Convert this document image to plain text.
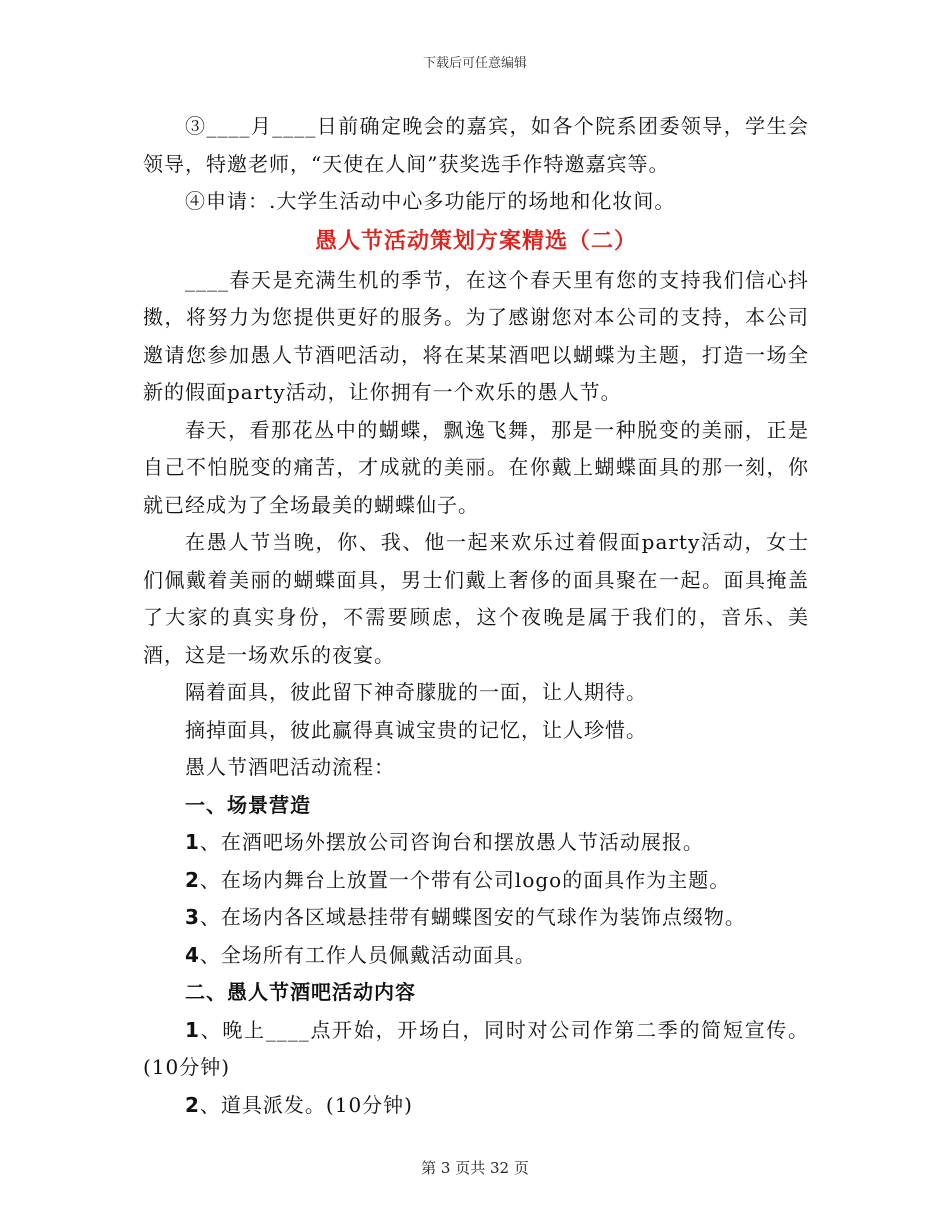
下载后可任意编辑

③____月____日前确定晚会的嘉宾，如各个院系团委领导，学生会领导，特邀老师，“天使在人间”获奖选手作特邀嘉宾等。

④申请：.大学生活动中心多功能厅的场地和化妆间。

愚人节活动策划方案精选（二）

____春天是充满生机的季节，在这个春天里有您的支持我们信心抖擞，将努力为您提供更好的服务。为了感谢您对本公司的支持，本公司邀请您参加愚人节酒吧活动，将在某某酒吧以蝴蝶为主题，打造一场全新的假面party活动，让你拥有一个欢乐的愚人节。

春天，看那花丛中的蝴蝶，飘逸飞舞，那是一种脱变的美丽，正是自己不怕脱变的痛苦，才成就的美丽。在你戴上蝴蝶面具的那一刻，你就已经成为了全场最美的蝴蝶仙子。

在愚人节当晚，你、我、他一起来欢乐过着假面party活动，女士们佩戴着美丽的蝴蝶面具，男士们戴上奢侈的面具聚在一起。面具掩盖了大家的真实身份，不需要顾虑，这个夜晚是属于我们的，音乐、美酒，这是一场欢乐的夜宴。

隔着面具，彼此留下神奇朦胧的一面，让人期待。

摘掉面具，彼此赢得真诚宝贵的记忆，让人珍惜。

愚人节酒吧活动流程：

一、场景营造

1、在酒吧场外摆放公司咨询台和摆放愚人节活动展报。

2、在场内舞台上放置一个带有公司logo的面具作为主题。

3、在场内各区域悬挂带有蝴蝶图安的气球作为装饰点缀物。

4、全场所有工作人员佩戴活动面具。

二、愚人节酒吧活动内容

1、晚上____点开始，开场白，同时对公司作第二季的简短宣传。(10分钟)

2、道具派发。(10分钟)

第 3 页共 32 页
